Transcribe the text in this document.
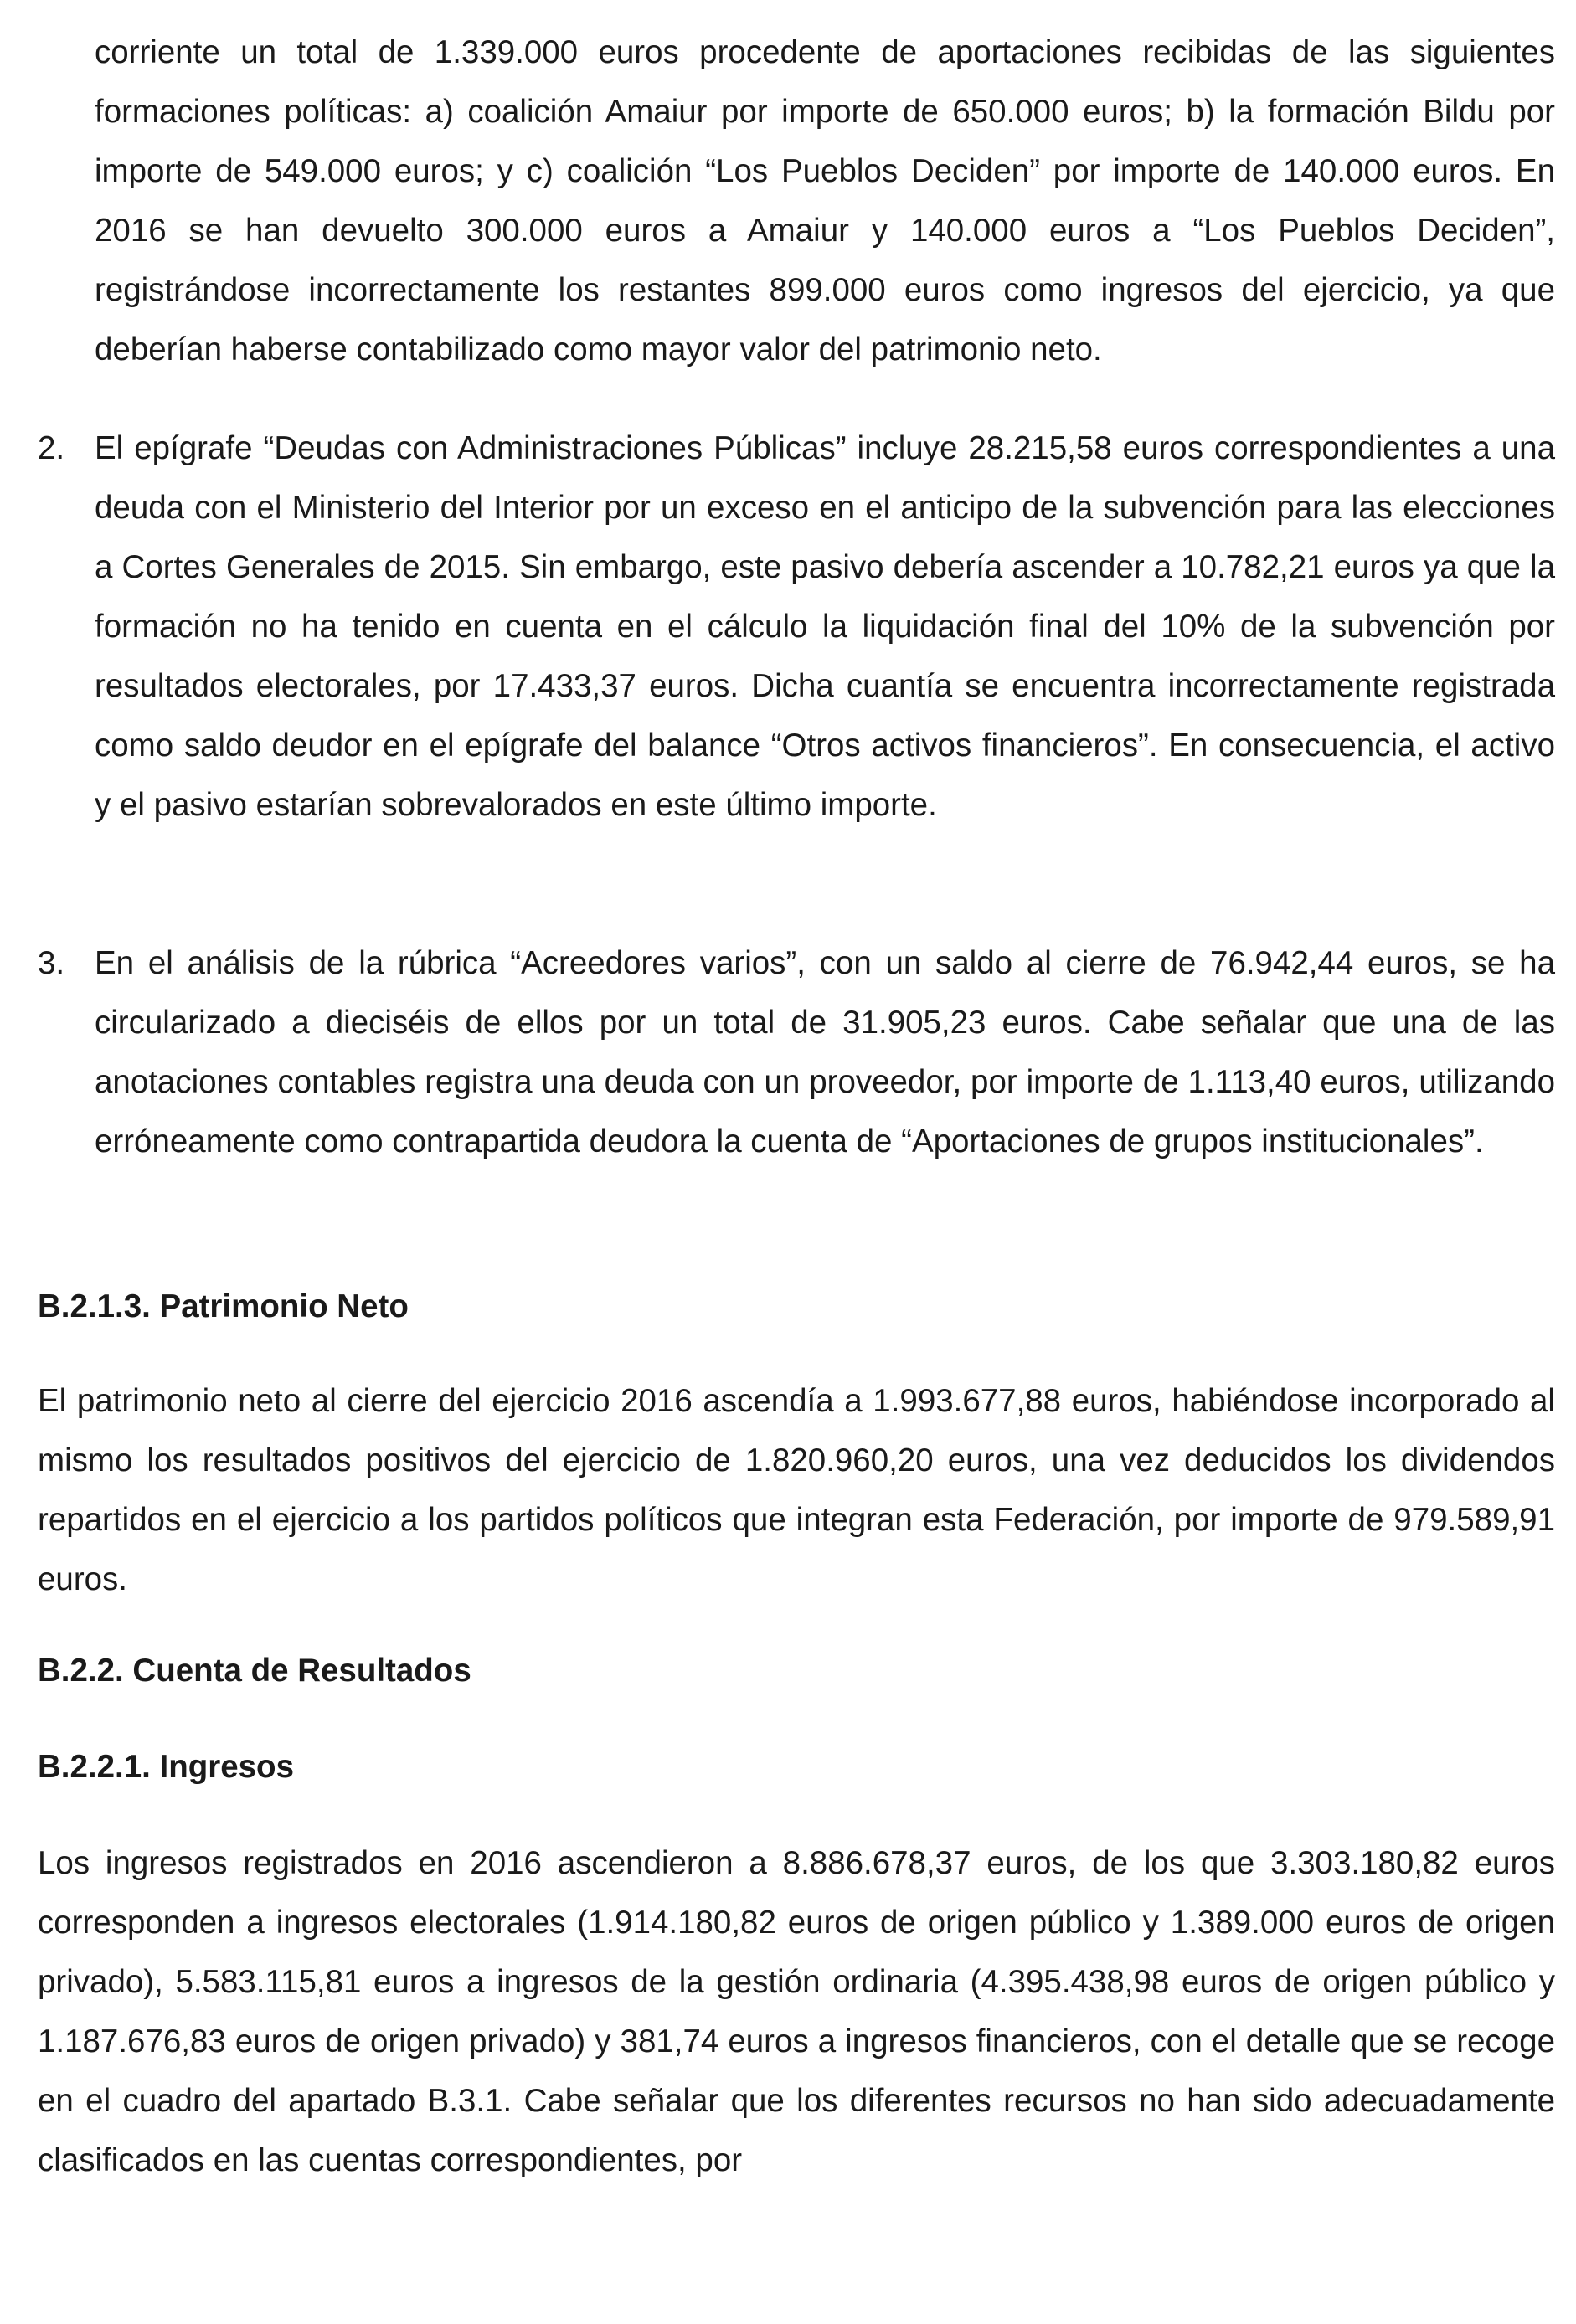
corriente un total de 1.339.000 euros procedente de aportaciones recibidas de las siguientes formaciones políticas: a) coalición Amaiur por importe de 650.000 euros; b) la formación Bildu por importe de 549.000 euros; y c) coalición “Los Pueblos Deciden” por importe de 140.000 euros. En 2016 se han devuelto 300.000 euros a Amaiur y 140.000 euros a “Los Pueblos Deciden”, registrándose incorrectamente los restantes 899.000 euros como ingresos del ejercicio, ya que deberían haberse contabilizado como mayor valor del patrimonio neto.

2. El epígrafe “Deudas con Administraciones Públicas” incluye 28.215,58 euros correspondientes a una deuda con el Ministerio del Interior por un exceso en el anticipo de la subvención para las elecciones a Cortes Generales de 2015. Sin embargo, este pasivo debería ascender a 10.782,21 euros ya que la formación no ha tenido en cuenta en el cálculo la liquidación final del 10% de la subvención por resultados electorales, por 17.433,37 euros. Dicha cuantía se encuentra incorrectamente registrada como saldo deudor en el epígrafe del balance “Otros activos financieros”. En consecuencia, el activo y el pasivo estarían sobrevalorados en este último importe.

3. En el análisis de la rúbrica “Acreedores varios”, con un saldo al cierre de 76.942,44 euros, se ha circularizado a dieciséis de ellos por un total de 31.905,23 euros. Cabe señalar que una de las anotaciones contables registra una deuda con un proveedor, por importe de 1.113,40 euros, utilizando erróneamente como contrapartida deudora la cuenta de “Aportaciones de grupos institucionales”.

B.2.1.3. Patrimonio Neto

El patrimonio neto al cierre del ejercicio 2016 ascendía a 1.993.677,88 euros, habiéndose incorporado al mismo los resultados positivos del ejercicio de 1.820.960,20 euros, una vez deducidos los dividendos repartidos en el ejercicio a los partidos políticos que integran esta Federación, por importe de 979.589,91 euros.

B.2.2. Cuenta de Resultados
B.2.2.1. Ingresos

Los ingresos registrados en 2016 ascendieron a 8.886.678,37 euros, de los que 3.303.180,82 euros corresponden a ingresos electorales (1.914.180,82 euros de origen público y 1.389.000 euros de origen privado), 5.583.115,81 euros a ingresos de la gestión ordinaria (4.395.438,98 euros de origen público y 1.187.676,83 euros de origen privado) y 381,74 euros a ingresos financieros, con el detalle que se recoge en el cuadro del apartado B.3.1. Cabe señalar que los diferentes recursos no han sido adecuadamente clasificados en las cuentas correspondientes, por
